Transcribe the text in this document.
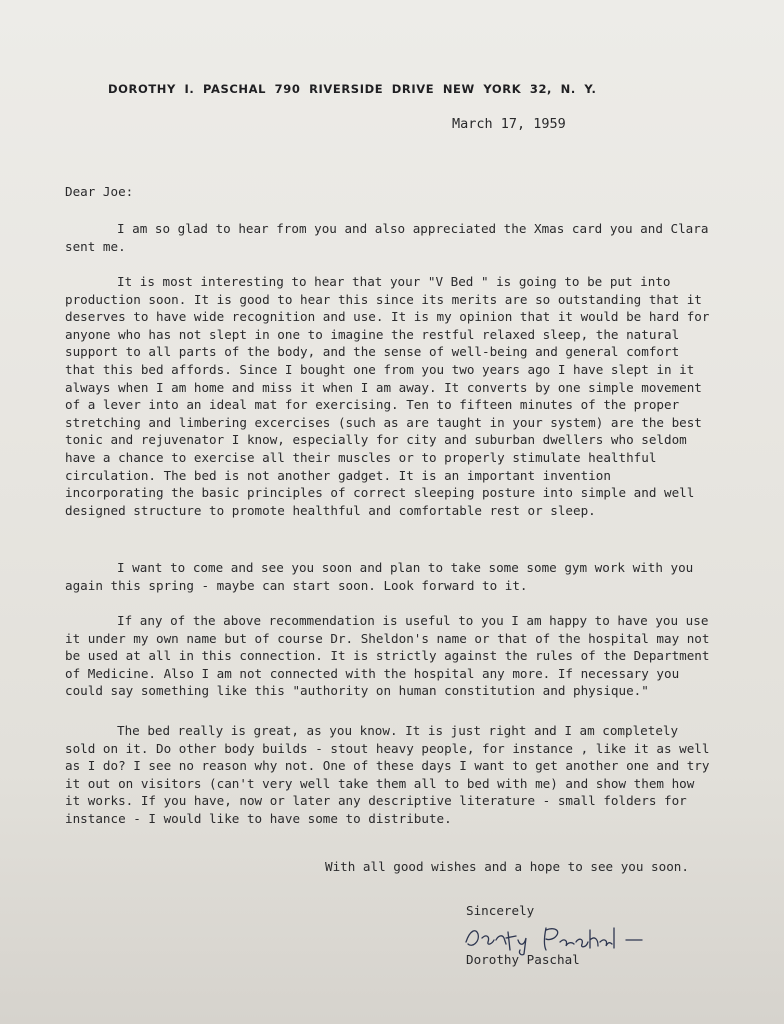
DOROTHY I. PASCHAL 790 RIVERSIDE DRIVE NEW YORK 32, N. Y.
March 17, 1959
Dear Joe:

I am so glad to hear from you and also appreciated the Xmas card you and Clara sent me.

It is most interesting to hear that your "V Bed " is going to be put into production soon. It is good to hear this since its merits are so outstanding that it deserves to have wide recognition and use. It is my opinion that it would be hard for anyone who has not slept in one to imagine the restful relaxed sleep, the natural support to all parts of the body, and the sense of well-being and general comfort that this bed affords. Since I bought one from you two years ago I have slept in it always when I am home and miss it when I am away. It converts by one simple movement of a lever into an ideal mat for exercising. Ten to fifteen minutes of the proper stretching and limbering excercises (such as are taught in your system) are the best tonic and rejuvenator I know, especially for city and suburban dwellers who seldom have a chance to exercise all their muscles or to properly stimulate healthful circulation. The bed is not another gadget. It is an important invention incorporating the basic principles of correct sleeping posture into simple and well designed structure to promote healthful and comfortable rest or sleep.

I want to come and see you soon and plan to take some some gym work with you again this spring - maybe can start soon. Look forward to it.

If any of the above recommendation is useful to you I am happy to have you use it under my own name but of course Dr. Sheldon's name or that of the hospital may not be used at all in this connection. It is strictly against the rules of the Department of Medicine. Also I am not connected with the hospital any more. If necessary you could say something like this "authority on human constitution and physique."

The bed really is great, as you know. It is just right and I am completely sold on it. Do other body builds - stout heavy people, for instance , like it as well as I do? I see no reason why not. One of these days I want to get another one and try it out on visitors (can't very well take them all to bed with me) and show them how it works. If you have, now or later any descriptive literature - small folders for instance - I would like to have some to distribute.

With all good wishes and a hope to see you soon.

Sincerely
Dorothy Paschal
